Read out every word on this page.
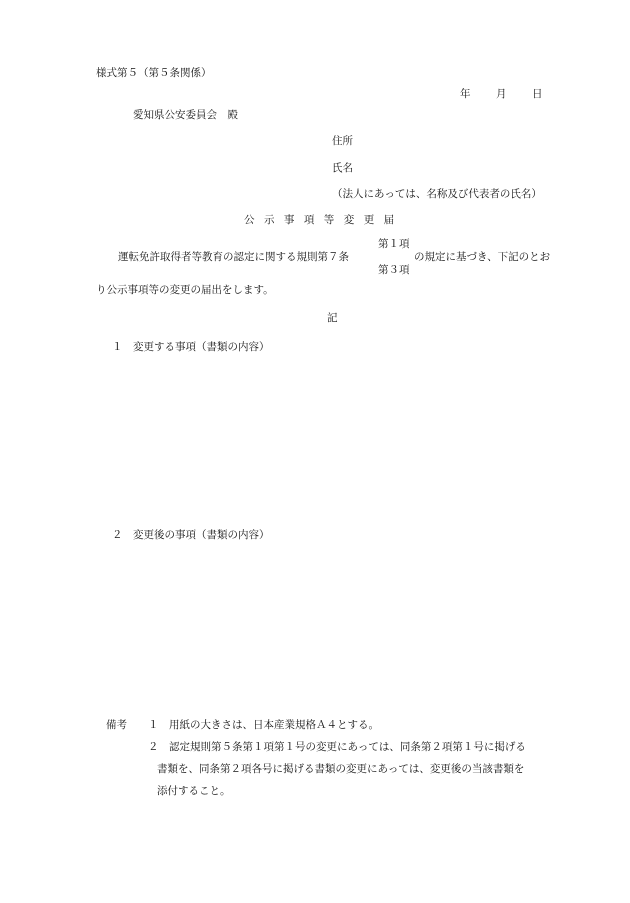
様式第５（第５条関係）
年 月 日
愛知県公安委員会　殿
住所
氏名
（法人にあっては、名称及び代表者の氏名）
公示事項等変更届
第１項
運転免許取得者等教育の認定に関する規則第７条	の規定に基づき、下記のとお
第３項
り公示事項等の変更の届出をします。
記
１　変更する事項（書類の内容）
２　変更後の事項（書類の内容）
備考 １　用紙の大きさは、日本産業規格Ａ４とする。
２　認定規則第５条第１項第１号の変更にあっては、同条第２項第１号に掲げる
書類を、同条第２項各号に掲げる書類の変更にあっては、変更後の当該書類を
添付すること。
